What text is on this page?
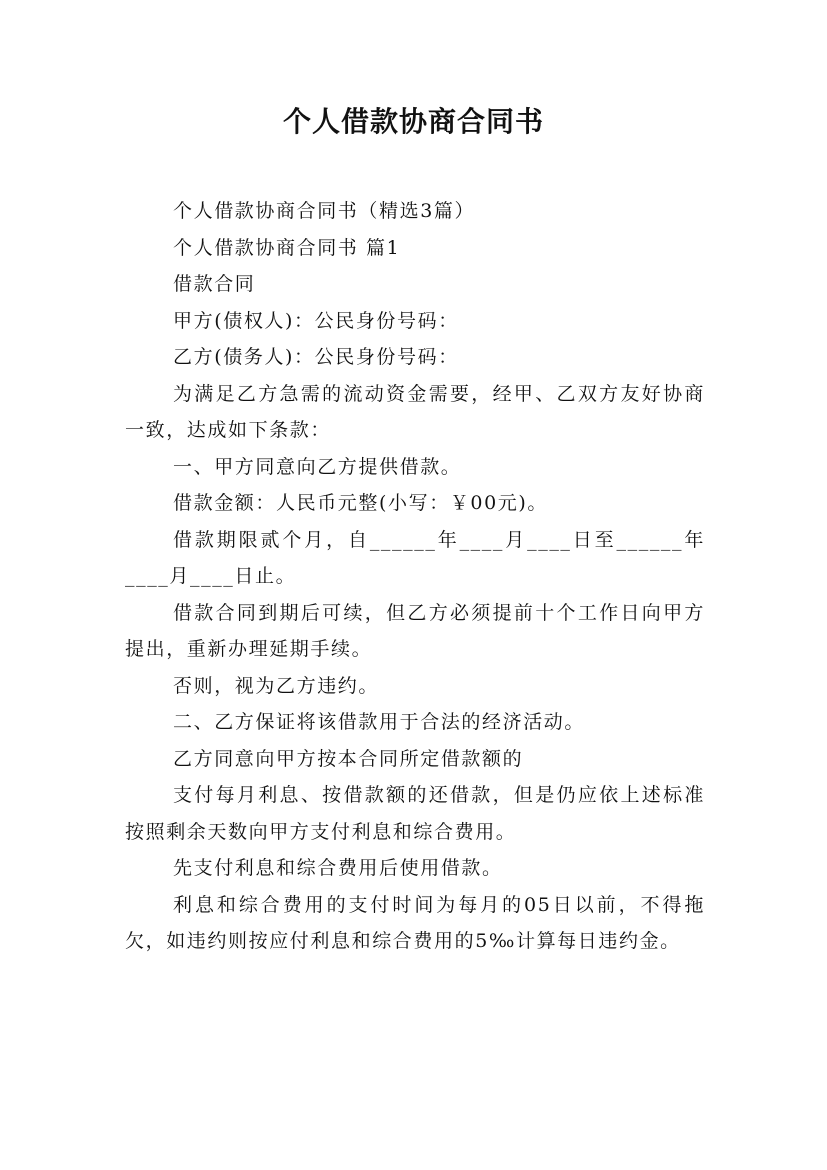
个人借款协商合同书

个人借款协商合同书（精选3篇）

个人借款协商合同书 篇1

借款合同

甲方(债权人)：公民身份号码：

乙方(债务人)：公民身份号码：

为满足乙方急需的流动资金需要，经甲、乙双方友好协商一致，达成如下条款：

一、甲方同意向乙方提供借款。

借款金额：人民币元整(小写：￥00元)。

借款期限贰个月，自______年____月____日至______年____月____日止。

借款合同到期后可续，但乙方必须提前十个工作日向甲方提出，重新办理延期手续。

否则，视为乙方违约。

二、乙方保证将该借款用于合法的经济活动。

乙方同意向甲方按本合同所定借款额的

支付每月利息、按借款额的还借款，但是仍应依上述标准按照剩余天数向甲方支付利息和综合费用。

先支付利息和综合费用后使用借款。

利息和综合费用的支付时间为每月的05日以前，不得拖欠，如违约则按应付利息和综合费用的5‰计算每日违约金。
